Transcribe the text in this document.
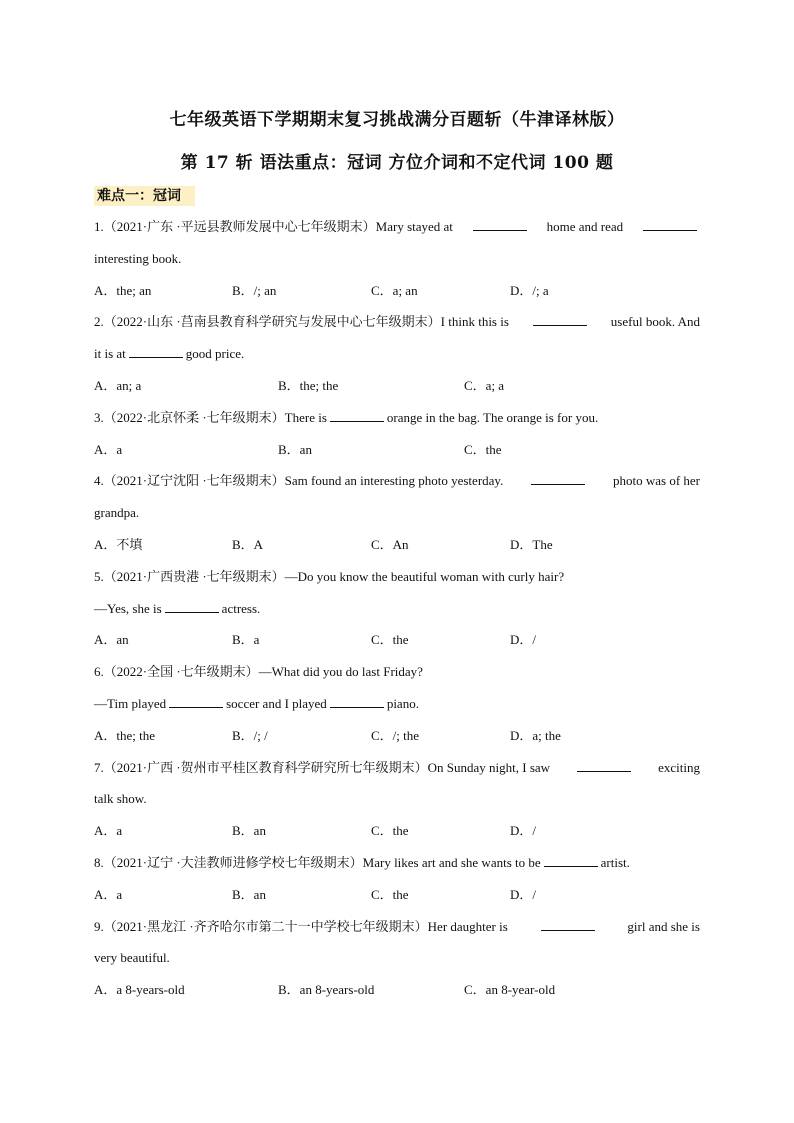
七年级英语下学期期末复习挑战满分百题斩（牛津译林版）
第 17 斩 语法重点：冠词 方位介词和不定代词 100 题
难点一：冠词
1.（2021·广东 ·平远县教师发展中心七年级期末）Mary stayed at	home and read
interesting book.
A．the; an	B．/; an	C．a; an	D．/; a
2.（2022·山东 ·莒南县教育科学研究与发展中心七年级期末）I think this is	useful book. And
it is at	good price.
A．an; a	B．the; the	C．a; a
3.（2022·北京怀柔 ·七年级期末）There is	orange in the bag. The orange is for you.
A．a	B．an	C．the
4.（2021·辽宁沈阳 ·七年级期末）Sam found an interesting photo yesterday.	photo was of her
grandpa.
A．不填	B．A	C．An	D．The
5.（2021·广西贵港 ·七年级期末）—Do you know the beautiful woman with curly hair?
—Yes, she is	actress.
A．an	B．a	C．the	D．/
6.（2022·全国 ·七年级期末）—What did you do last Friday?
—Tim played	soccer and I played	piano.
A．the; the	B．/; /	C．/; the	D．a; the
7.（2021·广西 ·贺州市平桂区教育科学研究所七年级期末）On Sunday night, I saw	exciting
talk show.
A．a	B．an	C．the	D．/
8.（2021·辽宁 ·大洼教师进修学校七年级期末）Mary likes art and she wants to be	artist.
A．a	B．an	C．the	D．/
9.（2021·黑龙江 ·齐齐哈尔市第二十一中学校七年级期末）Her daughter is	girl and she is
very beautiful.
A．a 8-years-old	B．an 8-years-old	C．an 8-year-old
